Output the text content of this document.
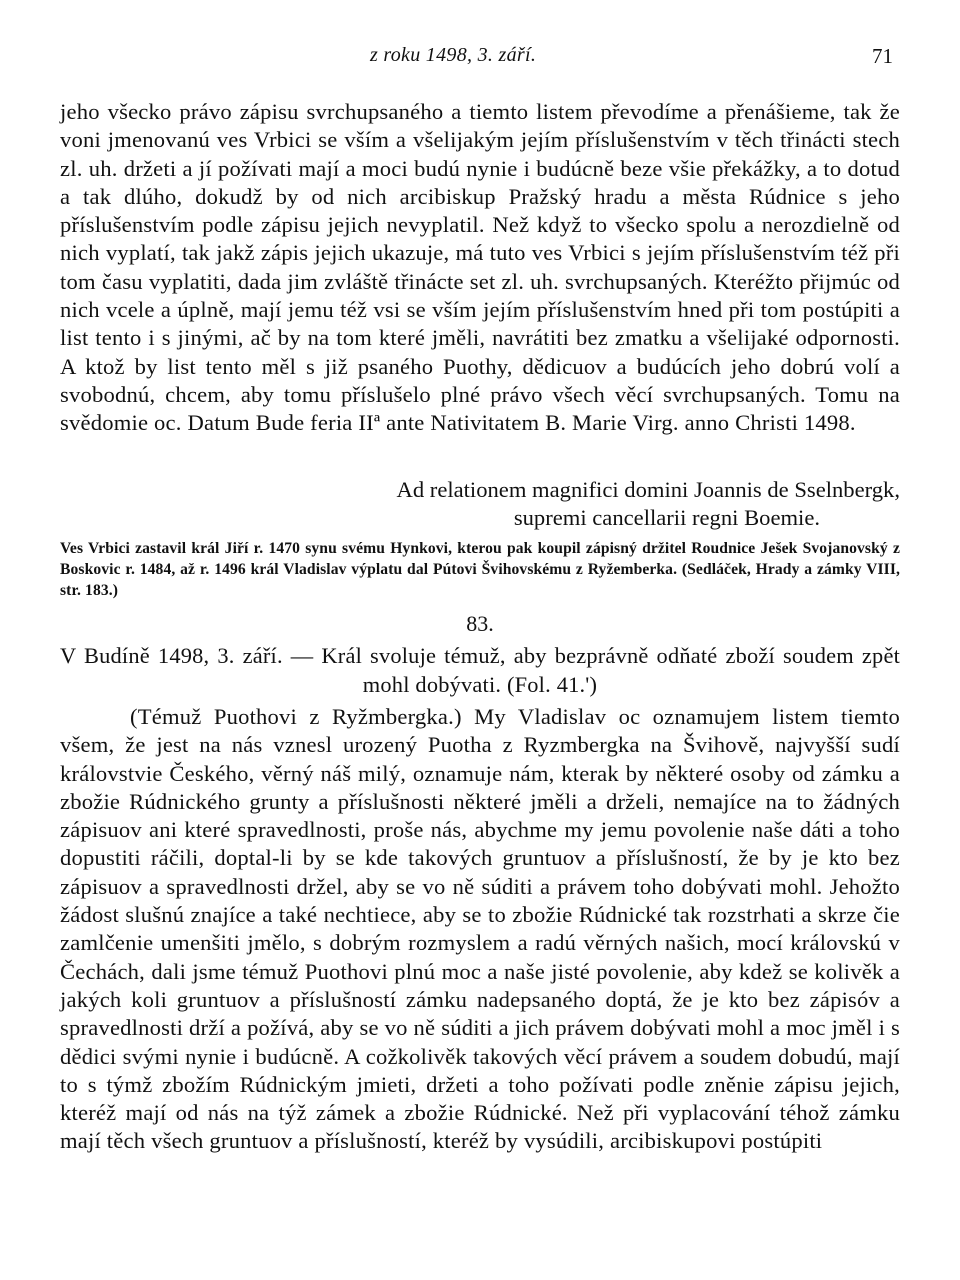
z roku 1498, 3. září.	71

jeho všecko právo zápisu svrchupsaného a tiemto listem převodíme a přenášieme, tak že voni jmenovanú ves Vrbici se vším a všelijakým jejím příslušenstvím v těch třinácti stech zl. uh. držeti a jí požívati mají a moci budú nynie i budúcně beze všie překážky, a to dotud a tak dlúho, dokudž by od nich arcibiskup Pražský hradu a města Rúdnice s jeho příslušenstvím podle zápisu jejich nevyplatil. Než když to všecko spolu a nerozdielně od nich vyplatí, tak jakž zápis jejich ukazuje, má tuto ves Vrbici s jejím příslušenstvím též při tom času vyplatiti, dada jim zvláště třinácte set zl. uh. svrchupsaných. Kteréžto přijmúc od nich vcele a úplně, mají jemu též vsi se vším jejím příslušenstvím hned při tom postúpiti a list tento i s jinými, ač by na tom které jměli, navrátiti bez zmatku a všelijaké odpornosti. A ktož by list tento měl s již psaného Puothy, dědicuov a budúcích jeho dobrú volí a svobodnú, chcem, aby tomu příslušelo plné právo všech věcí svrchupsaných. Tomu na svědomie oc. Datum Bude feria IIª ante Nativitatem B. Marie Virg. anno Christi 1498.

Ad relationem magnifici domini Joannis de Sselnbergk,
supremi cancellarii regni Boemie.
Ves Vrbici zastavil král Jiří r. 1470 synu svému Hynkovi, kterou pak koupil zápisný držitel Roudnice Ješek Svojanovský z Boskovic r. 1484, až r. 1496 král Vladislav výplatu dal Pútovi Švihovskému z Ryžemberka. (Sedláček, Hrady a zámky VIII, str. 183.)
83.
V Budíně 1498, 3. září. — Král svoluje témuž, aby bezprávně odňaté zboží soudem zpět
mohl dobývati. (Fol. 41.')

(Témuž Puothovi z Ryžmbergka.) My Vladislav oc oznamujem listem tiemto všem, že jest na nás vznesl urozený Puotha z Ryzmbergka na Švihově, najvyšší sudí královstvie Českého, věrný náš milý, oznamuje nám, kterak by některé osoby od zámku a zbožie Rúdnického grunty a příslušnosti některé jměli a drželi, nemajíce na to žádných zápisuov ani které spravedlnosti, proše nás, abychme my jemu povolenie naše dáti a toho dopustiti ráčili, doptal-li by se kde takových gruntuov a příslušností, že by je kto bez zápisuov a spravedlnosti držel, aby se vo ně súditi a právem toho dobývati mohl. Jehožto žádost slušnú znajíce a také nechtiece, aby se to zbožie Rúdnické tak rozstrhati a skrze čie zamlčenie umenšiti jmělo, s dobrým rozmyslem a radú věrných našich, mocí královskú v Čechách, dali jsme témuž Puothovi plnú moc a naše jisté povolenie, aby kdež se kolivěk a jakých koli gruntuov a příslušností zámku nadepsaného doptá, že je kto bez zápisóv a spravedlnosti drží a požívá, aby se vo ně súditi a jich právem dobývati mohl a moc jměl i s dědici svými nynie i budúcně. A cožkolivěk takových věcí právem a soudem dobudú, mají to s týmž zbožím Rúdnickým jmieti, držeti a toho požívati podle zněnie zápisu jejich, kteréž mají od nás na týž zámek a zbožie Rúdnické. Než při vyplacování téhož zámku mají těch všech gruntuov a příslušností, kteréž by vysúdili, arcibiskupovi postúpiti
